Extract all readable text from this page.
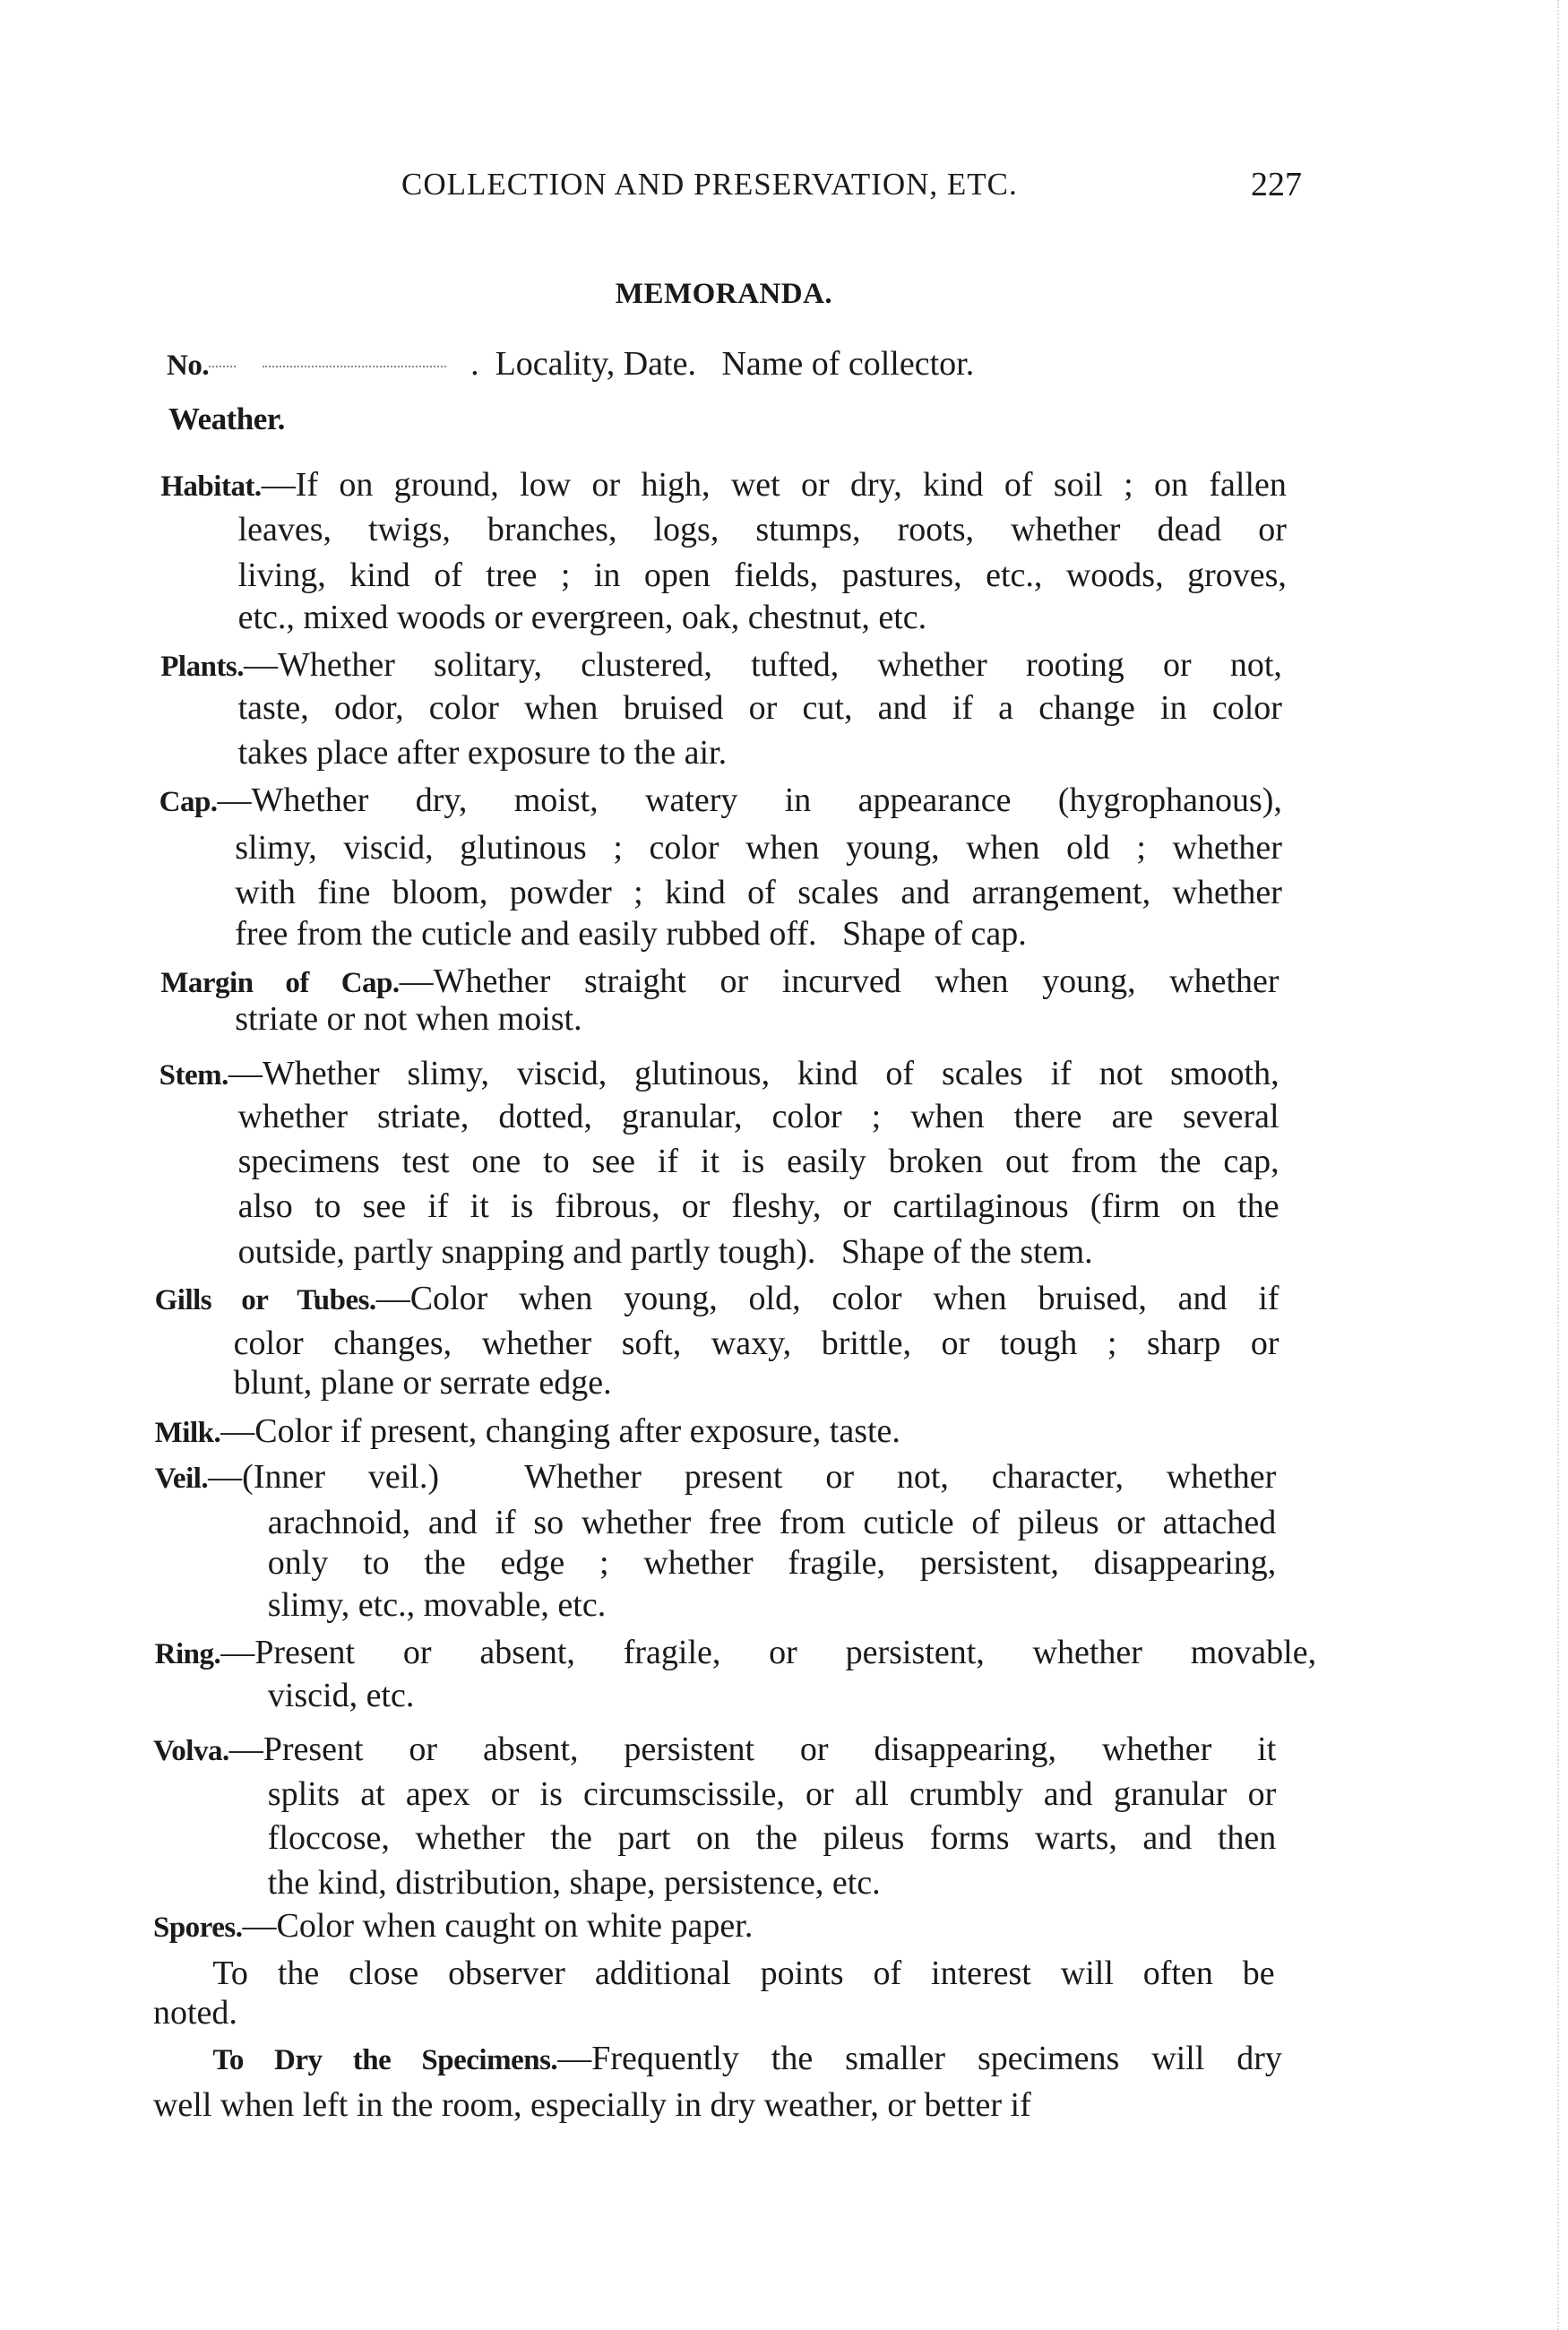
COLLECTION AND PRESERVATION, ETC.	227
MEMORANDA.
No.	. Locality, Date.   Name of collector.
Weather.
Habitat.—If on ground, low or high, wet or dry, kind of soil ; on fallen
leaves, twigs, branches, logs, stumps, roots, whether dead or
living, kind of tree ; in open fields, pastures, etc., woods, groves,
etc., mixed woods or evergreen, oak, chestnut, etc.
Plants.—Whether solitary, clustered, tufted, whether rooting or not,
taste, odor, color when bruised or cut, and if a change in color
takes place after exposure to the air.
Cap.—Whether dry, moist, watery in appearance (hygrophanous),
slimy, viscid, glutinous ; color when young, when old ; whether
with fine bloom, powder ; kind of scales and arrangement, whether
free from the cuticle and easily rubbed off.   Shape of cap.
Margin of Cap.—Whether straight or incurved when young, whether
striate or not when moist.
Stem.—Whether slimy, viscid, glutinous, kind of scales if not smooth,
whether striate, dotted, granular, color ; when there are several
specimens test one to see if it is easily broken out from the cap,
also to see if it is fibrous, or fleshy, or cartilaginous (firm on the
outside, partly snapping and partly tough).   Shape of the stem.
Gills or Tubes.—Color when young, old, color when bruised, and if
color changes, whether soft, waxy, brittle, or tough ; sharp or
blunt, plane or serrate edge.
Milk.—Color if present, changing after exposure, taste.
Veil.—(Inner veil.)  Whether present or not, character, whether
arachnoid, and if so whether free from cuticle of pileus or attached
only to the edge ; whether fragile, persistent, disappearing,
slimy, etc., movable, etc.
Ring.—Present or absent, fragile, or persistent, whether movable,
viscid, etc.
Volva.—Present or absent, persistent or disappearing, whether it
splits at apex or is circumscissile, or all crumbly and granular or
floccose, whether the part on the pileus forms warts, and then
the kind, distribution, shape, persistence, etc.
Spores.—Color when caught on white paper.
To the close observer additional points of interest will often be
noted.
To Dry the Specimens.—Frequently the smaller specimens will dry
well when left in the room, especially in dry weather, or better if
